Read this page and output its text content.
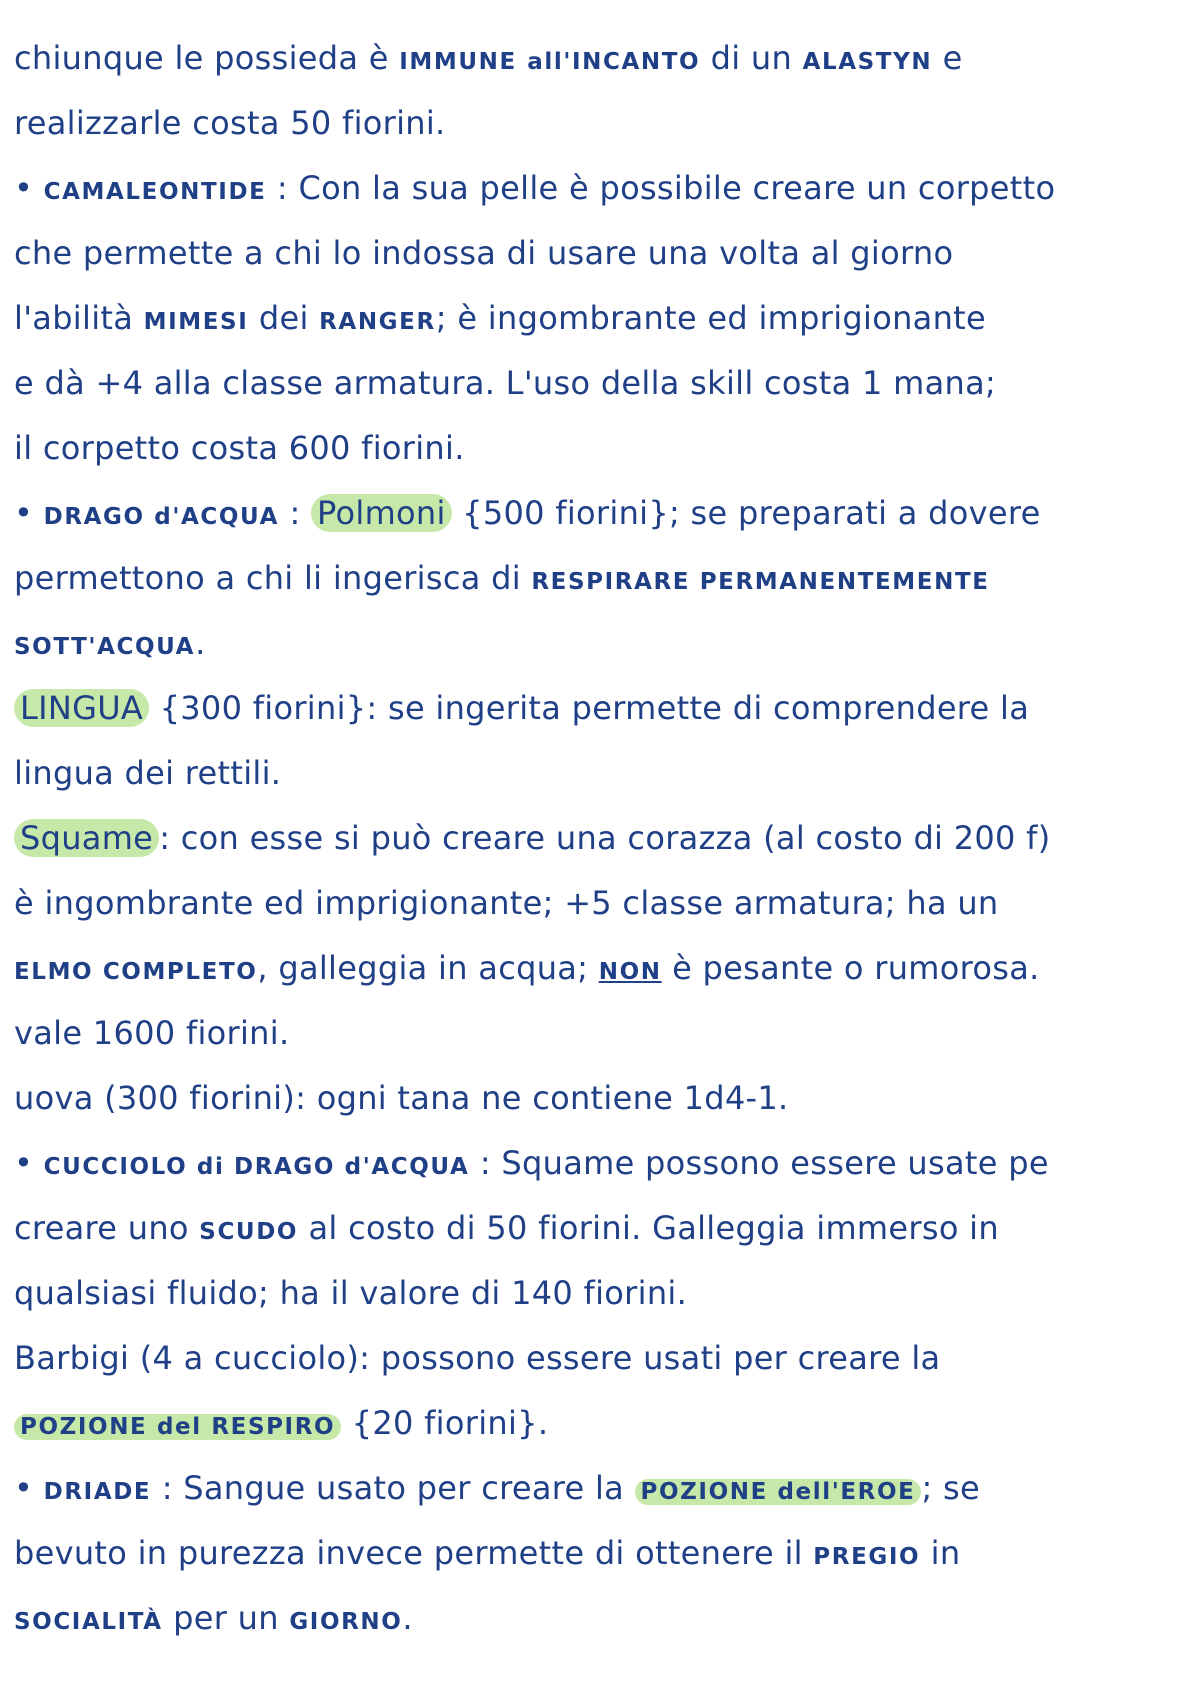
chiunque le possieda è IMMUNE all'INCANTO di un ALASTYN e
realizzarle costa 50 fiorini.
• CAMALEONTIDE : Con la sua pelle è possibile creare un corpetto
che permette a chi lo indossa di usare una volta al giorno
l'abilità MIMESI dei RANGER; è ingombrante ed imprigionante
e dà +4 alla classe armatura. L'uso della skill costa 1 mana;
il corpetto costa 600 fiorini.
• DRAGO d'ACQUA : Polmoni {500 fiorini}; se preparati a dovere
permettono a chi li ingerisca di RESPIRARE PERMANENTEMENTE
SOTT'ACQUA.
LINGUA {300 fiorini}: se ingerita permette di comprendere la
lingua dei rettili.
Squame : con esse si può creare una corazza (al costo di 200 f)
è ingombrante ed imprigionante; +5 classe armatura; ha un
ELMO COMPLETO, galleggia in acqua; NON è pesante o rumorosa.
vale 1600 fiorini.
uova (300 fiorini): ogni tana ne contiene 1d4-1.
• CUCCIOLO di DRAGO d'ACQUA : Squame possono essere usate pe
creare uno SCUDO al costo di 50 fiorini. Galleggia immerso in
qualsiasi fluido; ha il valore di 140 fiorini.
Barbigi (4 a cucciolo): possono essere usati per creare la
POZIONE del RESPIRO {20 fiorini}.
• DRIADE : Sangue usato per creare la POZIONE dell'EROE ; se
bevuto in purezza invece permette di ottenere il PREGIO in
SOCIALITÀ per un GIORNO.
